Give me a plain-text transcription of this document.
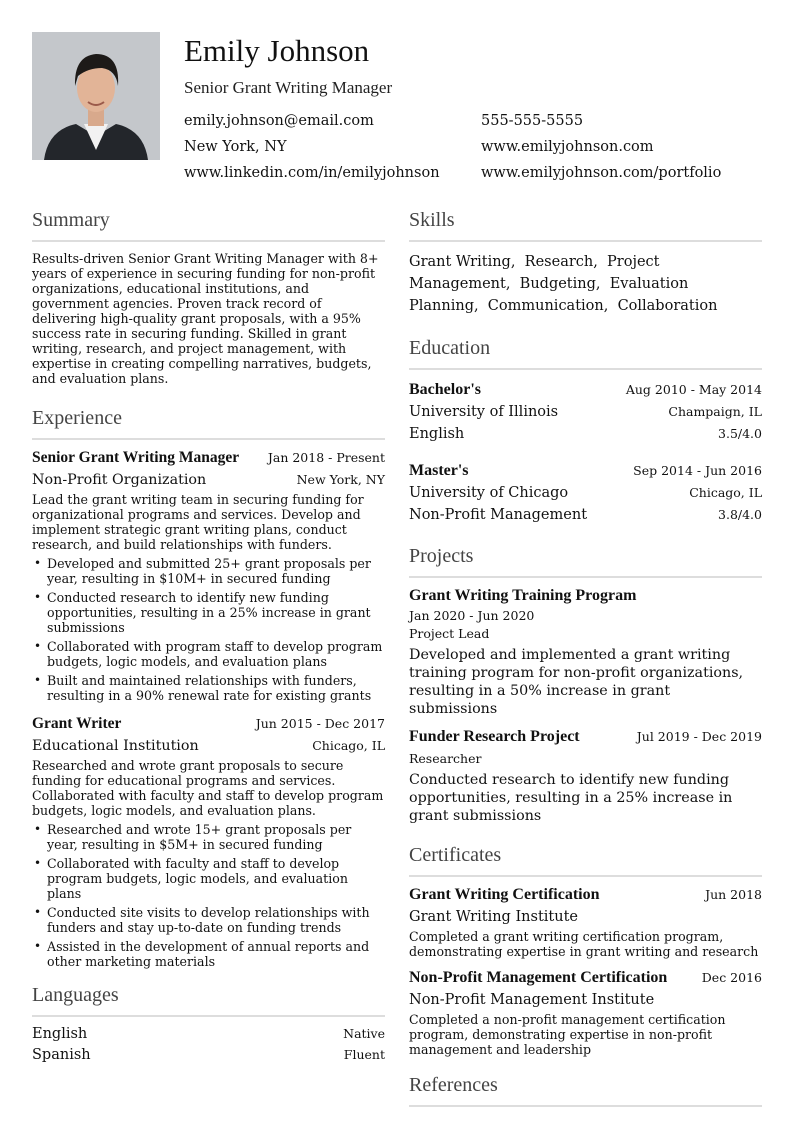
Emily Johnson
Senior Grant Writing Manager
emily.johnson@email.com	555-555-5555
New York, NY	www.emilyjohnson.com
www.linkedin.com/in/emilyjohnson	www.emilyjohnson.com/portfolio
Summary
Results-driven Senior Grant Writing Manager with 8+ years of experience in securing funding for non-profit organizations, educational institutions, and government agencies. Proven track record of delivering high-quality grant proposals, with a 95% success rate in securing funding. Skilled in grant writing, research, and project management, with expertise in creating compelling narratives, budgets, and evaluation plans.
Experience
Senior Grant Writing Manager Jan 2018 - Present
Non-Profit Organization	New York, NY
Lead the grant writing team in securing funding for organizational programs and services. Develop and implement strategic grant writing plans, conduct research, and build relationships with funders.
• Developed and submitted 25+ grant proposals per year, resulting in $10M+ in secured funding
• Conducted research to identify new funding opportunities, resulting in a 25% increase in grant submissions
• Collaborated with program staff to develop program budgets, logic models, and evaluation plans
• Built and maintained relationships with funders, resulting in a 90% renewal rate for existing grants
Grant Writer	Jun 2015 - Dec 2017
Educational Institution	Chicago, IL
Researched and wrote grant proposals to secure funding for educational programs and services. Collaborated with faculty and staff to develop program budgets, logic models, and evaluation plans.
• Researched and wrote 15+ grant proposals per year, resulting in $5M+ in secured funding
• Collaborated with faculty and staff to develop program budgets, logic models, and evaluation plans
• Conducted site visits to develop relationships with funders and stay up-to-date on funding trends
• Assisted in the development of annual reports and other marketing materials
Languages
English	Native
Spanish	Fluent
Skills
Grant Writing,  Research,  Project Management,  Budgeting,  Evaluation Planning,  Communication,  Collaboration
Education
Bachelor's	Aug 2010 - May 2014
University of Illinois	Champaign, IL
English	3.5/4.0
Master's	Sep 2014 - Jun 2016
University of Chicago	Chicago, IL
Non-Profit Management	3.8/4.0
Projects
Grant Writing Training Program
Jan 2020 - Jun 2020
Project Lead
Developed and implemented a grant writing training program for non-profit organizations, resulting in a 50% increase in grant submissions
Funder Research Project	Jul 2019 - Dec 2019
Researcher
Conducted research to identify new funding opportunities, resulting in a 25% increase in grant submissions
Certificates
Grant Writing Certification	Jun 2018
Grant Writing Institute
Completed a grant writing certification program, demonstrating expertise in grant writing and research
Non-Profit Management Certification	Dec 2016
Non-Profit Management Institute
Completed a non-profit management certification program, demonstrating expertise in non-profit management and leadership
References
